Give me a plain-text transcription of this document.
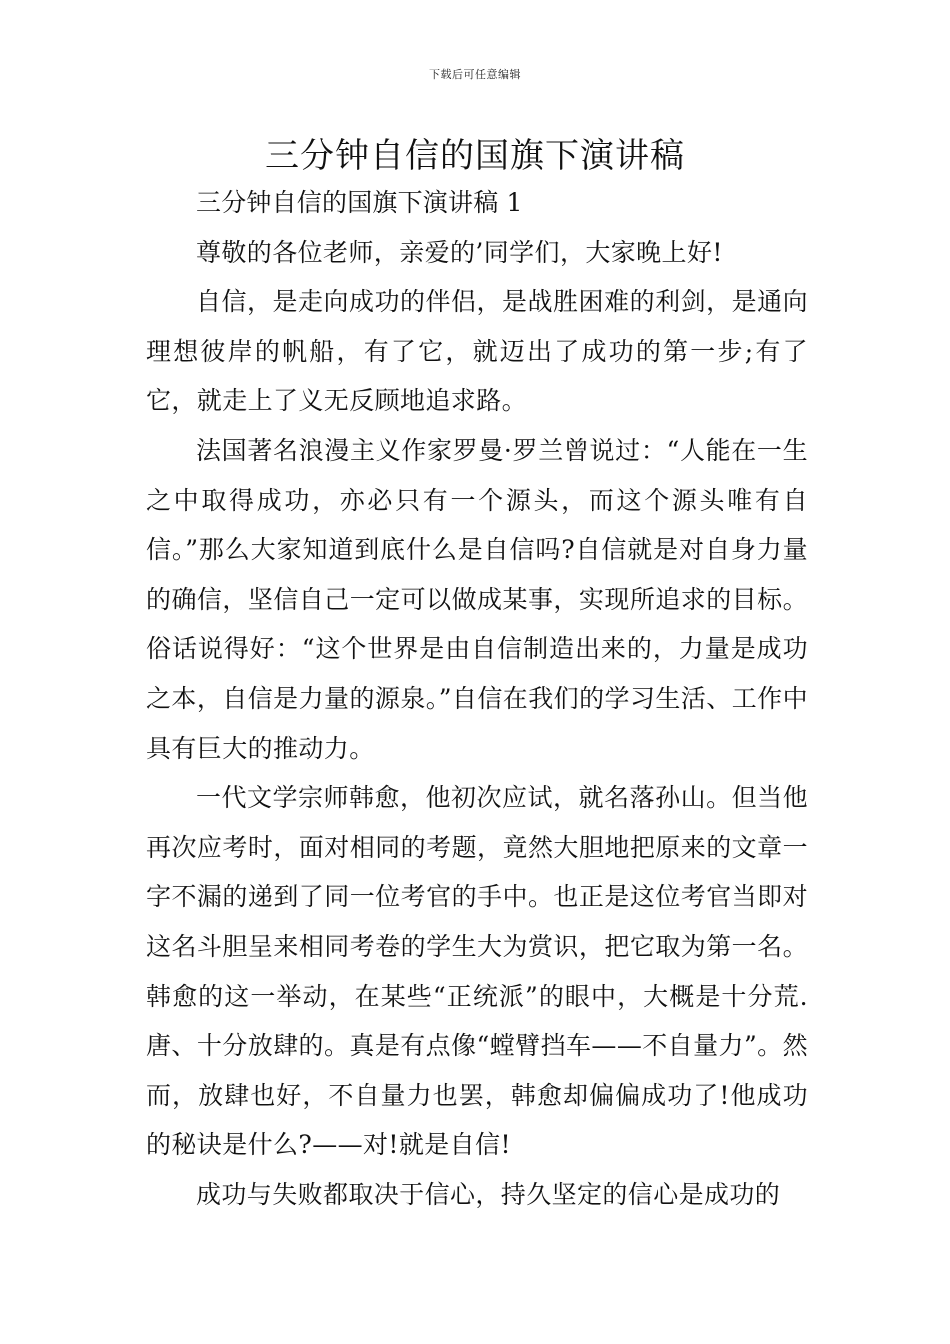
下载后可任意编辑
三分钟自信的国旗下演讲稿

三分钟自信的国旗下演讲稿 1

尊敬的各位老师，亲爱的’同学们，大家晚上好!

自信，是走向成功的伴侣，是战胜困难的利剑，是通向理想彼岸的帆船，有了它，就迈出了成功的第一步;有了它，就走上了义无反顾地追求路。

法国著名浪漫主义作家罗曼·罗兰曾说过：“人能在一生之中取得成功，亦必只有一个源头，而这个源头唯有自信。”那么大家知道到底什么是自信吗?自信就是对自身力量的确信，坚信自己一定可以做成某事，实现所追求的目标。俗话说得好：“这个世界是由自信制造出来的，力量是成功之本，自信是力量的源泉。”自信在我们的学习生活、工作中具有巨大的推动力。

一代文学宗师韩愈，他初次应试，就名落孙山。但当他再次应考时，面对相同的考题，竟然大胆地把原来的文章一字不漏的递到了同一位考官的手中。也正是这位考官当即对这名斗胆呈来相同考卷的学生大为赏识，把它取为第一名。韩愈的这一举动，在某些“正统派”的眼中，大概是十分荒.唐、十分放肆的。真是有点像“螳臂挡车——不自量力”。然而，放肆也好，不自量力也罢，韩愈却偏偏成功了!他成功的秘诀是什么?——对!就是自信!

成功与失败都取决于信心，持久坚定的信心是成功的
